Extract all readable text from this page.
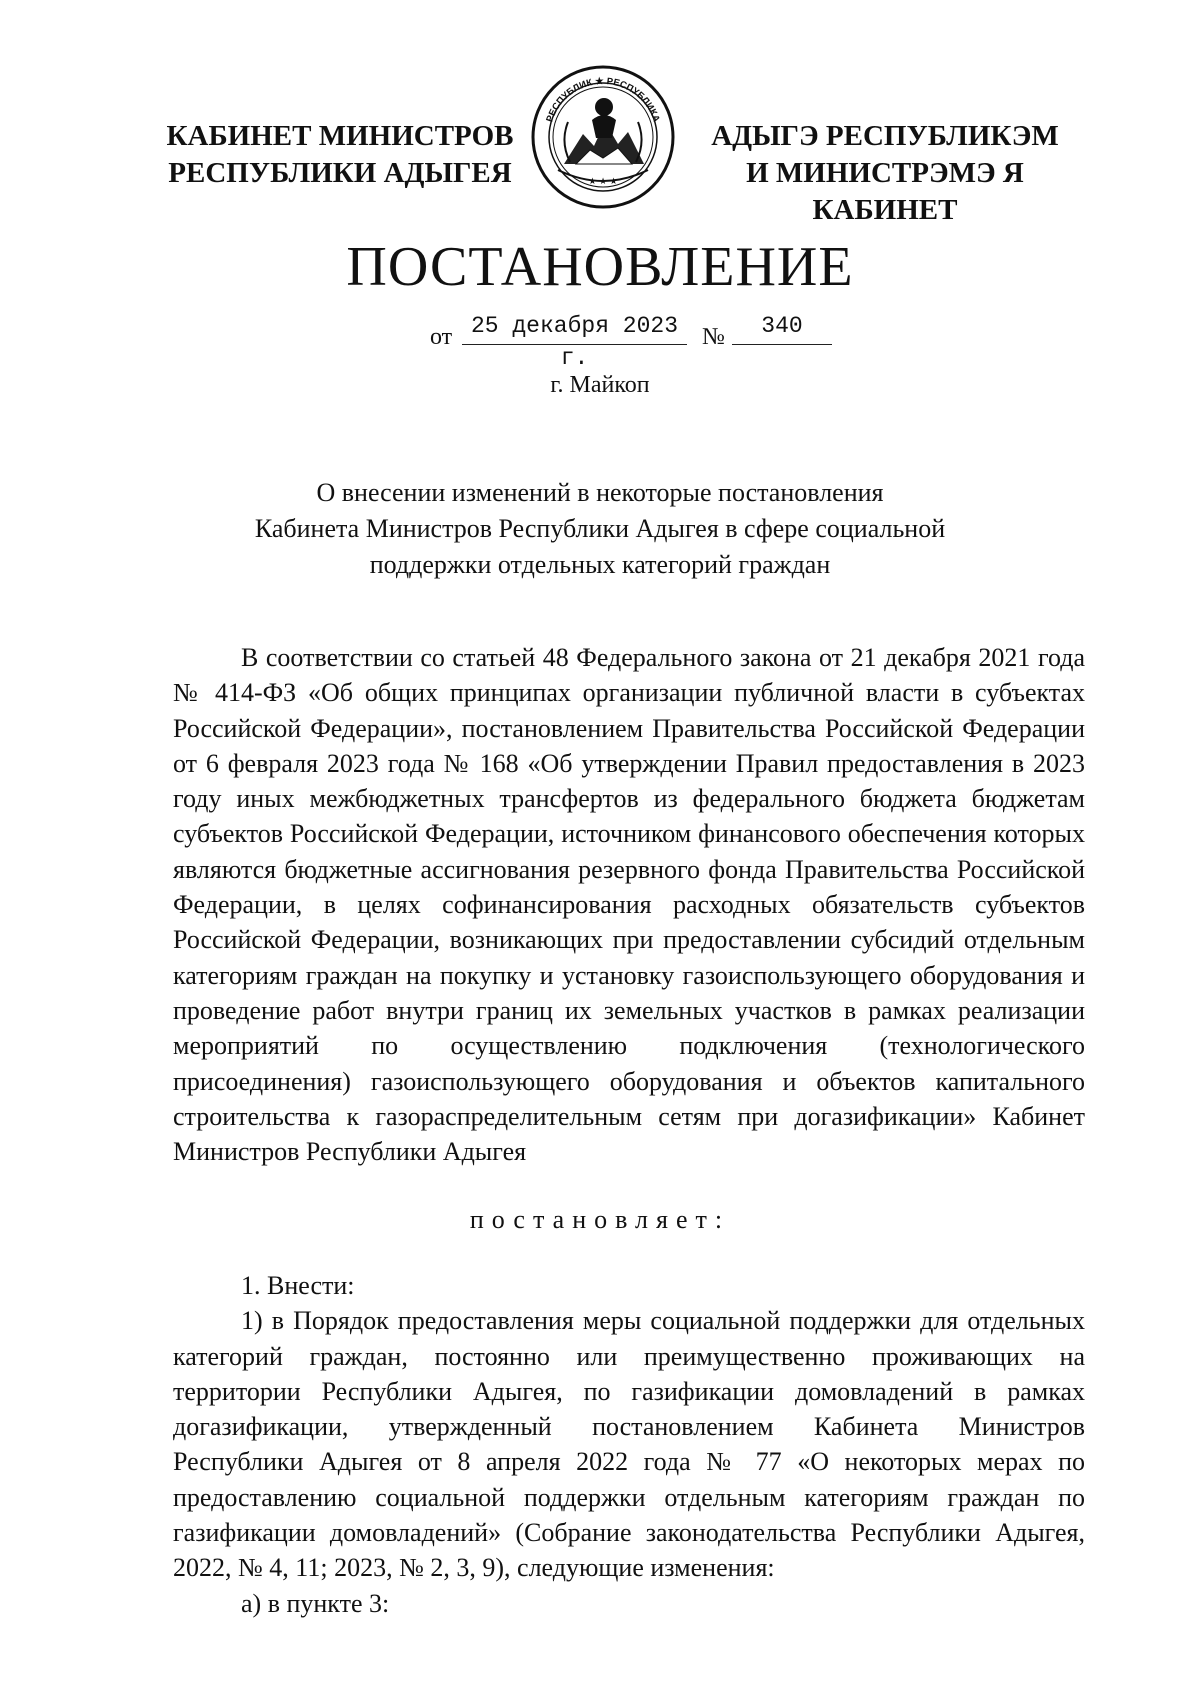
КАБИНЕТ МИНИСТРОВ
РЕСПУБЛИКИ АДЫГЕЯ
РЕСПУБЛИК ★ РЕСПУБЛИКА
★ ★ ★
АДЫГЭ РЕСПУБЛИКЭМ
И МИНИСТРЭМЭ Я КАБИНЕТ
ПОСТАНОВЛЕНИЕ
от 25 декабря 2023 г.
№	340
г. Майкоп
О внесении изменений в некоторые постановления
Кабинета Министров Республики Адыгея в сфере социальной
поддержки отдельных категорий граждан

В соответствии со статьей 48 Федерального закона от 21 декабря 2021 года № 414-ФЗ «Об общих принципах организации публичной власти в субъектах Российской Федерации», постановлением Правительства Российской Федерации от 6 февраля 2023 года № 168 «Об утверждении Правил предоставления в 2023 году иных межбюджетных трансфертов из федерального бюджета бюджетам субъектов Российской Федерации, источником финансового обеспечения которых являются бюджетные ассигнования резервного фонда Правительства Российской Федерации, в целях софинансирования расходных обязательств субъектов Российской Федерации, возникающих при предоставлении субсидий отдельным категориям граждан на покупку и установку газоиспользующего оборудования и проведение работ внутри границ их земельных участков в рамках реализации мероприятий по осуществлению подключения (технологического присоединения) газоиспользующего оборудования и объектов капитального строительства к газораспределительным сетям при догазификации» Кабинет Министров Республики Адыгея

постановляет:

1. Внести:

1) в Порядок предоставления меры социальной поддержки для отдельных категорий граждан, постоянно или преимущественно проживающих на территории Республики Адыгея, по газификации домовладений в рамках догазификации, утвержденный постановлением Кабинета Министров Республики Адыгея от 8 апреля 2022 года № 77 «О некоторых мерах по предоставлению социальной поддержки отдельным категориям граждан по газификации домовладений» (Собрание законодательства Республики Адыгея, 2022, № 4, 11; 2023, № 2, 3, 9), следующие изменения:

а) в пункте 3:
